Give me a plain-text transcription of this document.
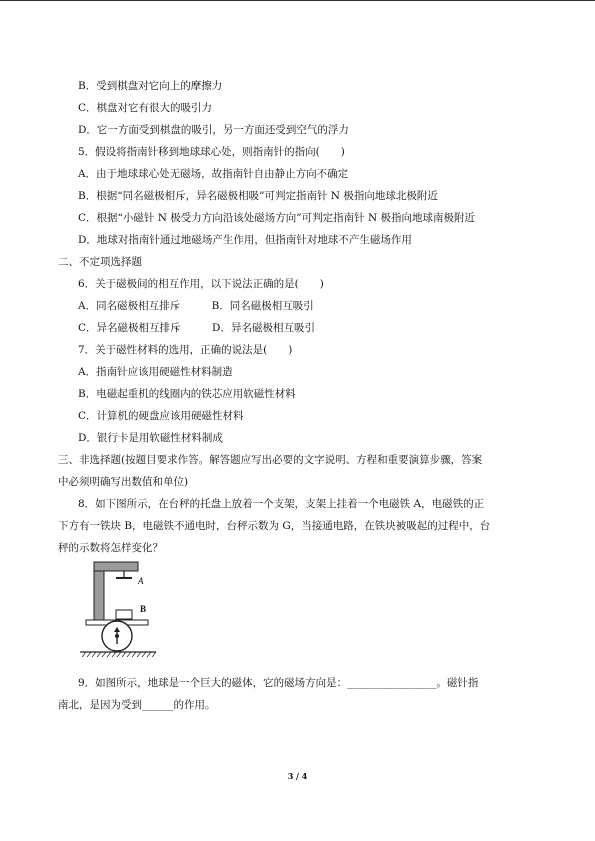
B．受到棋盘对它向上的摩擦力
C．棋盘对它有很大的吸引力
D．它一方面受到棋盘的吸引，另一方面还受到空气的浮力
5．假设将指南针移到地球球心处，则指南针的指向(　　)
A．由于地球球心处无磁场，故指南针自由静止方向不确定
B．根据“同名磁极相斥，异名磁极相吸”可判定指南针 N 极指向地球北极附近
C．根据“小磁针 N 极受力方向沿该处磁场方向”可判定指南针 N 极指向地球南极附近
D．地球对指南针通过地磁场产生作用，但指南针对地球不产生磁场作用
二、不定项选择题
6．关于磁极间的相互作用，以下说法正确的是(　　)
A．同名磁极相互排斥　　　B．同名磁极相互吸引
C．异名磁极相互排斥　　　D．异名磁极相互吸引
7．关于磁性材料的选用，正确的说法是(　　)
A．指南针应该用硬磁性材料制造
B．电磁起重机的线圈内的铁芯应用软磁性材料
C．计算机的硬盘应该用硬磁性材料
D．银行卡是用软磁性材料制成
三、非选择题(按题目要求作答。解答题应写出必要的文字说明、方程和重要演算步骤，答案
中必须明确写出数值和单位)
8．如下图所示，在台秤的托盘上放着一个支架，支架上挂着一个电磁铁 A，电磁铁的正
下方有一铁块 B，电磁铁不通电时，台秤示数为 G，当接通电路，在铁块被吸起的过程中，台
秤的示数将怎样变化？
A
B
9．如图所示，地球是一个巨大的磁体，它的磁场方向是：_________________。磁针指
南北，是因为受到______的作用。
3 / 4
